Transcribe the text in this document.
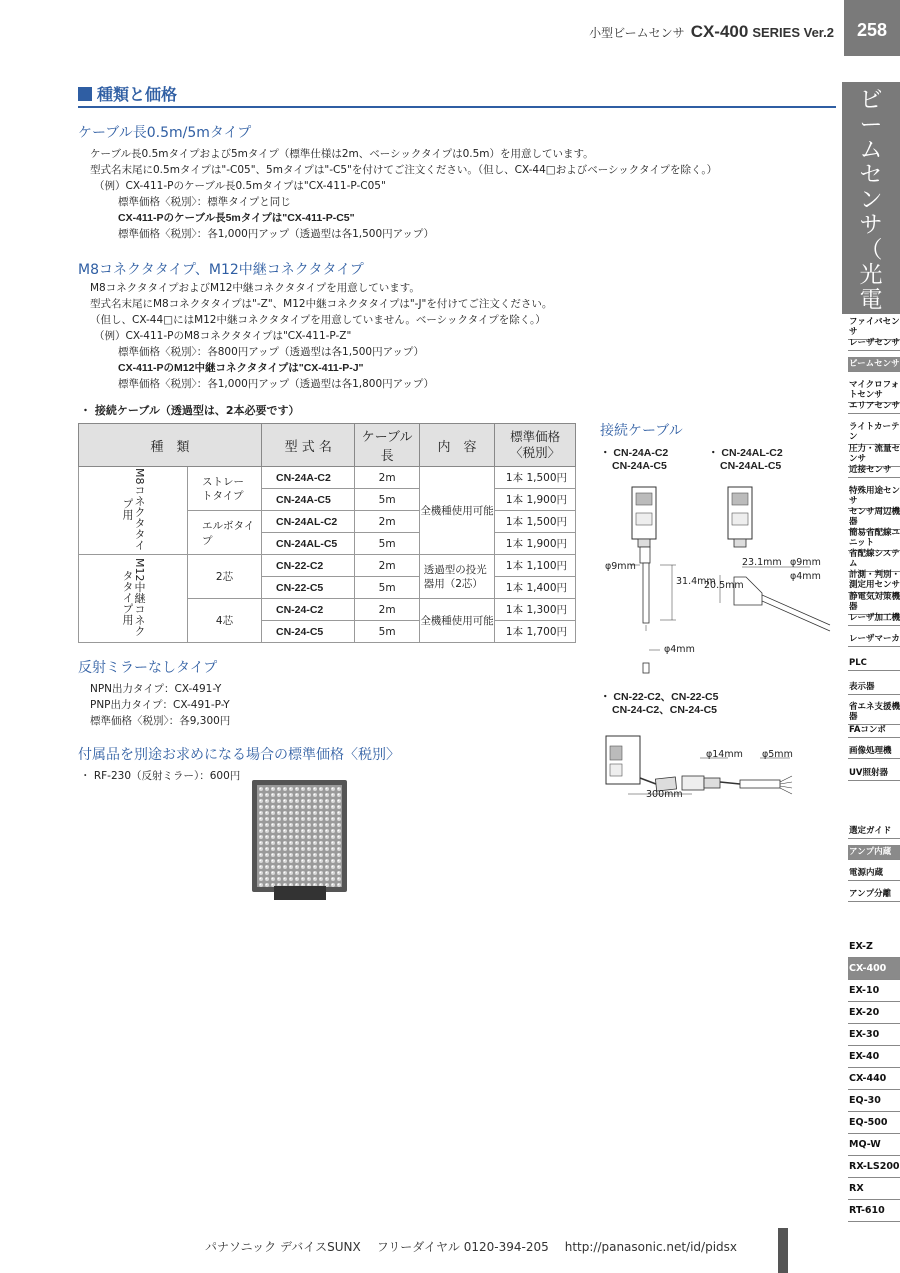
小型ビームセンサ CX-400 SERIES Ver.2	258
種類と価格
ケーブル長0.5m/5mタイプ
ケーブル長0.5mタイプおよび5mタイプ（標準仕様は2m、ベーシックタイプは0.5m）を用意しています。
型式名末尾に0.5mタイプは"-C05"、5mタイプは"-C5"を付けてご注文ください。（但し、CX-44□およびベーシックタイプを除く。）
（例）CX-411-Pのケーブル長0.5mタイプは"CX-411-P-C05"
標準価格〈税別〉：標準タイプと同じ
CX-411-Pのケーブル長5mタイプは"CX-411-P-C5"
標準価格〈税別〉：各1,000円アップ（透過型は各1,500円アップ）
M8コネクタタイプ、M12中継コネクタタイプ
M8コネクタタイプおよびM12中継コネクタタイプを用意しています。
型式名末尾にM8コネクタタイプは"-Z"、M12中継コネクタタイプは"-J"を付けてご注文ください。
（但し、CX-44□にはM12中継コネクタタイプを用意していません。ベーシックタイプを除く。）
（例）CX-411-PのM8コネクタタイプは"CX-411-P-Z"
標準価格〈税別〉：各800円アップ（透過型は各1,500円アップ）
CX-411-PのM12中継コネクタタイプは"CX-411-P-J"
標準価格〈税別〉：各1,000円アップ（透過型は各1,800円アップ）
・ 接続ケーブル（透過型は、2本必要です）
種　類		型 式 名	ケーブル長	内　容	標準価格〈税別〉
M8コネクタタイプ用	ストレートタイプ	CN-24A-C2	2m	全機種使用可能	1本 1,500円
		CN-24A-C5	5m		1本 1,900円
	エルボタイプ	CN-24AL-C2	2m		1本 1,500円
		CN-24AL-C5	5m		1本 1,900円
M12中継コネクタタイプ用	2芯	CN-22-C2	2m	透過型の投光器用（2芯）	1本 1,100円
		CN-22-C5	5m		1本 1,400円
	4芯	CN-24-C2	2m	全機種使用可能	1本 1,300円
		CN-24-C5	5m		1本 1,700円
反射ミラーなしタイプ
NPN出力タイプ：CX-491-Y
PNP出力タイプ：CX-491-P-Y
標準価格〈税別〉：各9,300円
付属品を別途お求めになる場合の標準価格〈税別〉
・ RF-230（反射ミラー）：600円
接続ケーブル
・ CN-24A-C2
CN-24A-C5
・ CN-24AL-C2
CN-24AL-C5
φ9mm
31.4mm
φ4mm
23.1mm φ9mm
φ4mm
20.5mm
・ CN-22-C2、CN-22-C5
CN-24-C2、CN-24-C5
φ14mm φ5mm
300mm
ビ
ー
ム
セ
ン
サ
（
光
電
ファイバセンサ
レーザセンサ
ビームセンサ
マイクロフォトセンサ
エリアセンサ
ライトカーテン
圧力・流量センサ
近接センサ
特殊用途センサ
センサ周辺機器
簡易省配線ユニット
省配線システム
計測・判別・測定用センサ
静電気対策機器
レーザ加工機
レーザマーカ
PLC
表示器
省エネ支援機器
FAコンポ
画像処理機
UV照射器
選定ガイド
アンプ内蔵
電源内蔵
アンプ分離
EX-Z
CX-400
EX-10
EX-20
EX-30
EX-40
CX-440
EQ-30
EQ-500
MQ-W
RX-LS200
RX
RT-610
パナソニック デバイスSUNX フリーダイヤル 0120-394-205 http://panasonic.net/id/pidsx
